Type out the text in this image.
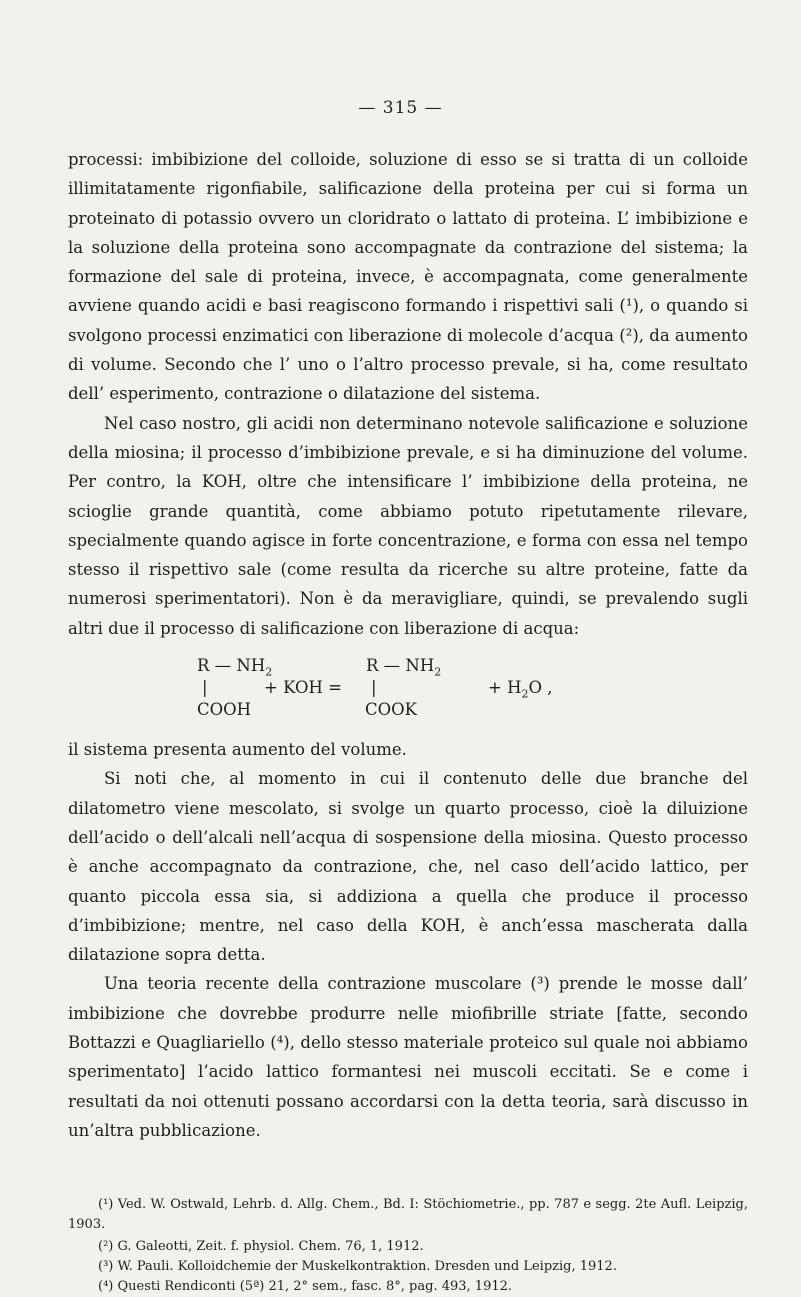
— 315 —

processi: imbibizione del colloide, soluzione di esso se si tratta di un colloide illimitatamente rigonfiabile, salificazione della proteina per cui si forma un proteinato di potassio ovvero un cloridrato o lattato di proteina. L’ imbibizione e la soluzione della proteina sono accompagnate da contrazione del sistema; la formazione del sale di proteina, invece, è accompagnata, come generalmente avviene quando acidi e basi reagiscono formando i rispettivi sali (¹), o quando si svolgono processi enzimatici con liberazione di molecole d’acqua (²), da aumento di volume. Secondo che l’ uno o l’altro processo prevale, si ha, come resultato dell’ esperimento, contrazione o dilatazione del sistema.

Nel caso nostro, gli acidi non determinano notevole salificazione e soluzione della miosina; il processo d’imbibizione prevale, e si ha diminuzione del volume. Per contro, la KOH, oltre che intensificare l’ imbibizione della proteina, ne scioglie grande quantità, come abbiamo potuto ripetutamente rilevare, specialmente quando agisce in forte concentrazione, e forma con essa nel tempo stesso il rispettivo sale (come resulta da ricerche su altre proteine, fatte da numerosi sperimentatori). Non è da meravigliare, quindi, se prevalendo sugli altri due il processo di salificazione con liberazione di acqua:

R — $NH_2$
|
COOH
+ KOH =
R — $NH_2$
|
COOK
+ $H_2O$ ,

il sistema presenta aumento del volume.

Si noti che, al momento in cui il contenuto delle due branche del dilatometro viene mescolato, si svolge un quarto processo, cioè la diluizione dell’acido o dell’alcali nell’acqua di sospensione della miosina. Questo processo è anche accompagnato da contrazione, che, nel caso dell’acido lattico, per quanto piccola essa sia, si addiziona a quella che produce il processo d’imbibizione; mentre, nel caso della KOH, è anch’essa mascherata dalla dilatazione sopra detta.

Una teoria recente della contrazione muscolare (³) prende le mosse dall’ imbibizione che dovrebbe produrre nelle miofibrille striate [fatte, secondo Bottazzi e Quagliariello (⁴), dello stesso materiale proteico sul quale noi abbiamo sperimentato] l’acido lattico formantesi nei muscoli eccitati. Se e come i resultati da noi ottenuti possano accordarsi con la detta teoria, sarà discusso in un’altra pubblicazione.

(¹) Ved. W. Ostwald, Lehrb. d. Allg. Chem., Bd. I: Stöchiometrie., pp. 787 e segg. 2te Aufl. Leipzig, 1903.
(²) G. Galeotti, Zeit. f. physiol. Chem. 76, 1, 1912.
(³) W. Pauli. Kolloidchemie der Muskelkontraktion. Dresden und Leipzig, 1912.
(⁴) Questi Rendiconti (5ª) 21, 2° sem., fasc. 8°, pag. 493, 1912.
